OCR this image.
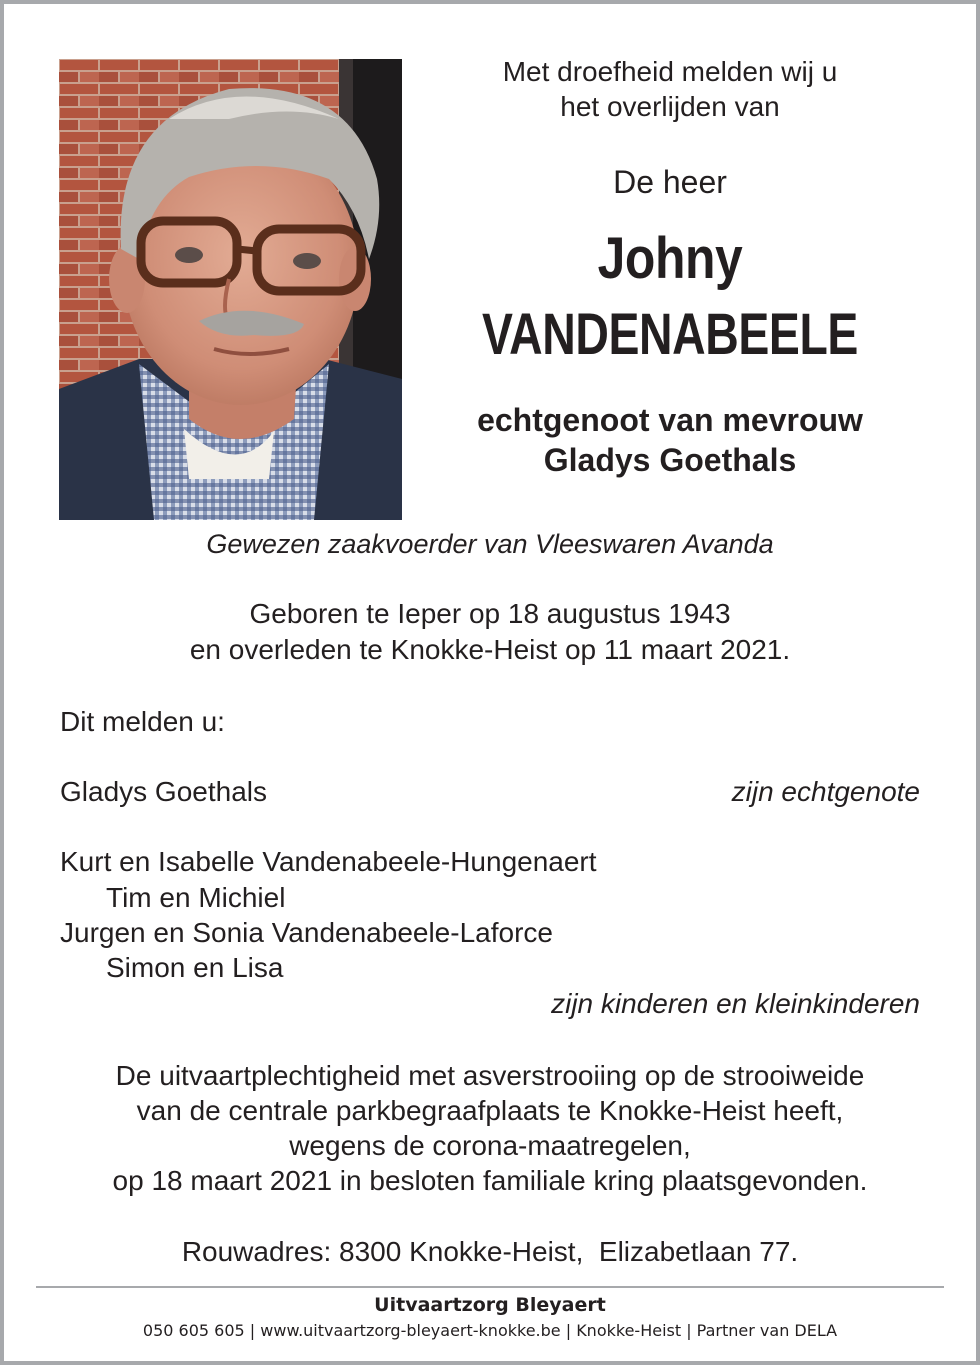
Met droefheid melden wij u
het overlijden van
De heer
Johny
VANDENABEELE
echtgenoot van mevrouw
Gladys Goethals
Gewezen zaakvoerder van Vleeswaren Avanda
Geboren te Ieper op 18 augustus 1943
en overleden te Knokke-Heist op 11 maart 2021.
Dit melden u:
Gladys Goethals	zijn echtgenote
Kurt en Isabelle Vandenabeele-Hungenaert
Tim en Michiel
Jurgen en Sonia Vandenabeele-Laforce
Simon en Lisa
zijn kinderen en kleinkinderen
De uitvaartplechtigheid met asverstrooiing op de strooiweide
van de centrale parkbegraafplaats te Knokke-Heist heeft,
wegens de corona-maatregelen,
op 18 maart 2021 in besloten familiale kring plaatsgevonden.
Rouwadres: 8300 Knokke-Heist,  Elizabetlaan 77.
Uitvaartzorg Bleyaert
050 605 605 | www.uitvaartzorg-bleyaert-knokke.be | Knokke-Heist | Partner van DELA
